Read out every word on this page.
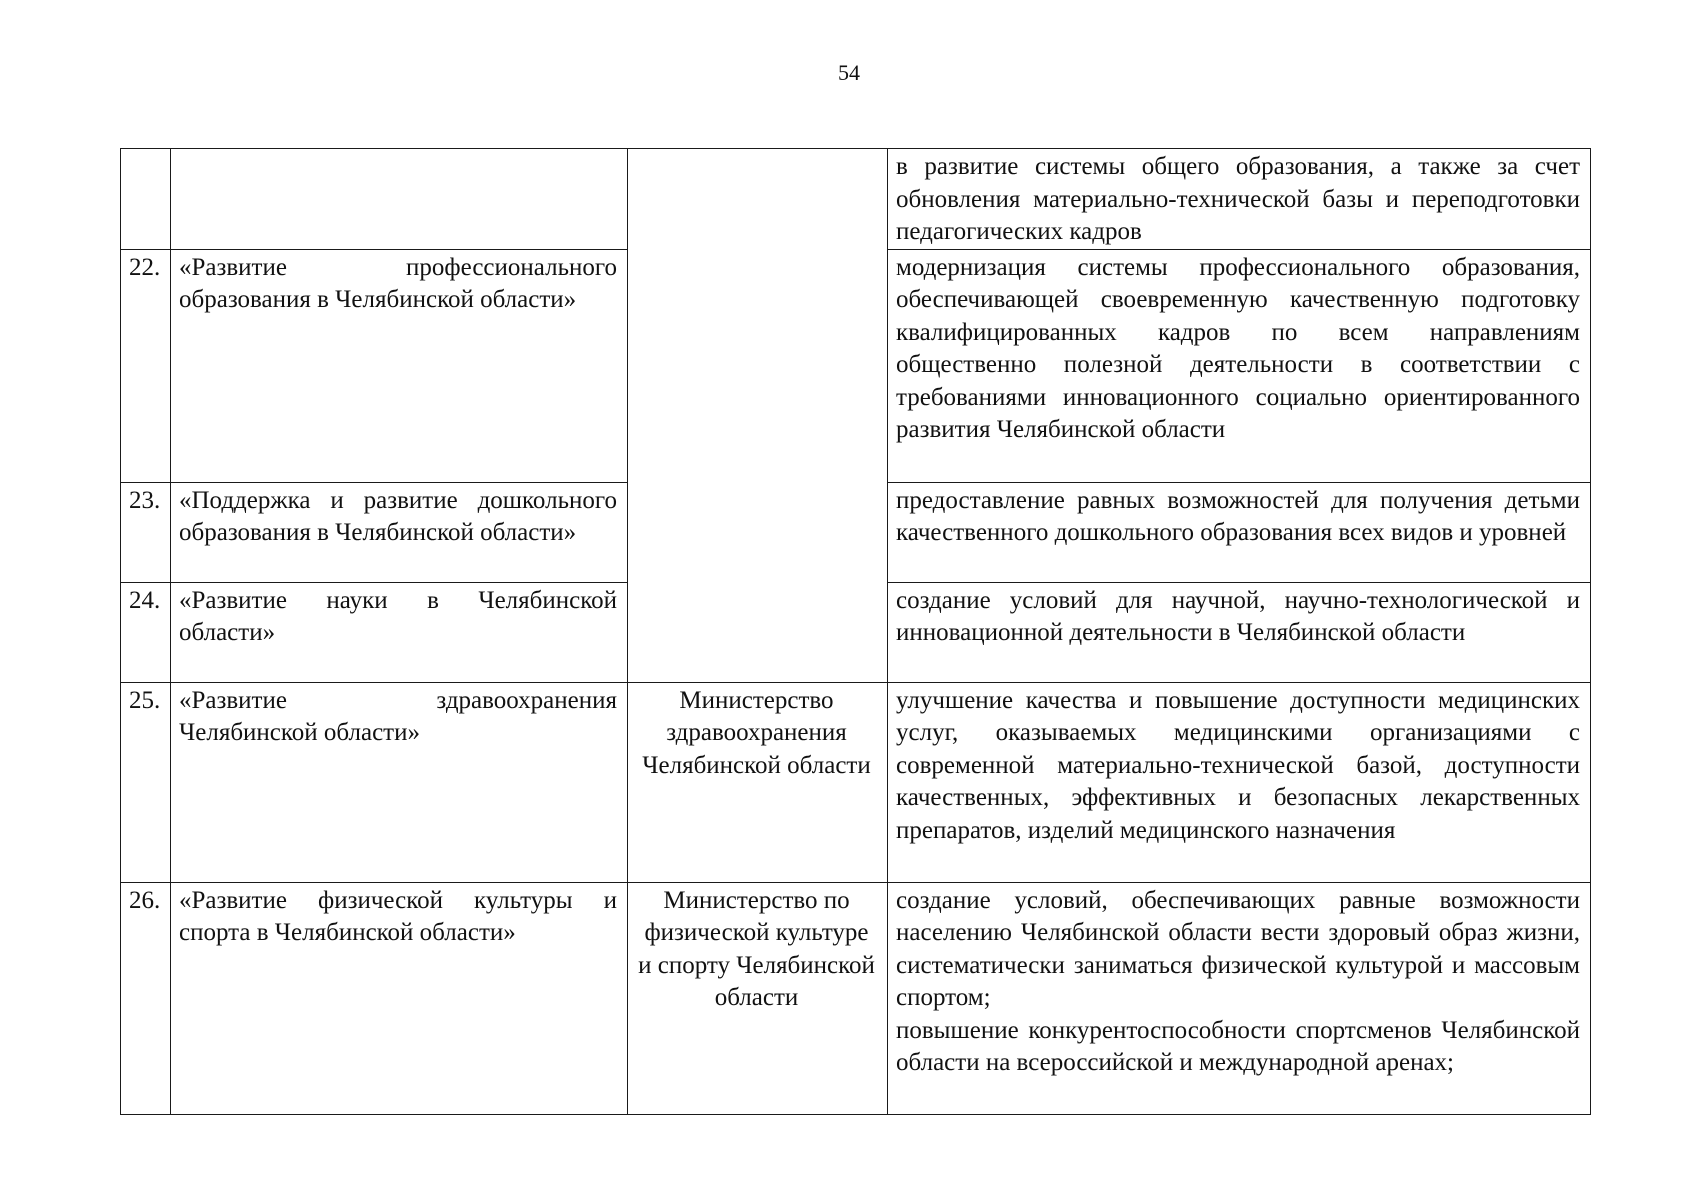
54

			в развитие системы общего образования, а также за счет обновления материально-технической базы и переподготовки педагогических кадров

22.	«Развитие профессионального образования в Челябинской области»		модернизация системы профессионального образования, обеспечивающей своевременную качественную подготовку квалифицированных кадров по всем направлениям общественно полезной деятельности в соответствии с требованиями инновационного социально ориентированного развития Челябинской области

23.	«Поддержка и развитие дошкольного образования в Челябинской области»		предоставление равных возможностей для получения детьми качественного дошкольного образования всех видов и уровней

24.	«Развитие науки в Челябинской области»		создание условий для научной, научно-технологической и инновационной деятельности в Челябинской области

25.	«Развитие здравоохранения Челябинской области»	Министерство здравоохранения Челябинской области	улучшение качества и повышение доступности медицинских услуг, оказываемых медицинскими организациями с современной материально-технической базой, доступности качественных, эффективных и безопасных лекарственных препаратов, изделий медицинского назначения

26.	«Развитие физической культуры и спорта в Челябинской области»	Министерство по физической культуре и спорту Челябинской области	создание условий, обеспечивающих равные возможности населению Челябинской области вести здоровый образ жизни, систематически заниматься физической культурой и массовым спортом;
повышение конкурентоспособности спортсменов Челябинской области на всероссийской и международной аренах;
